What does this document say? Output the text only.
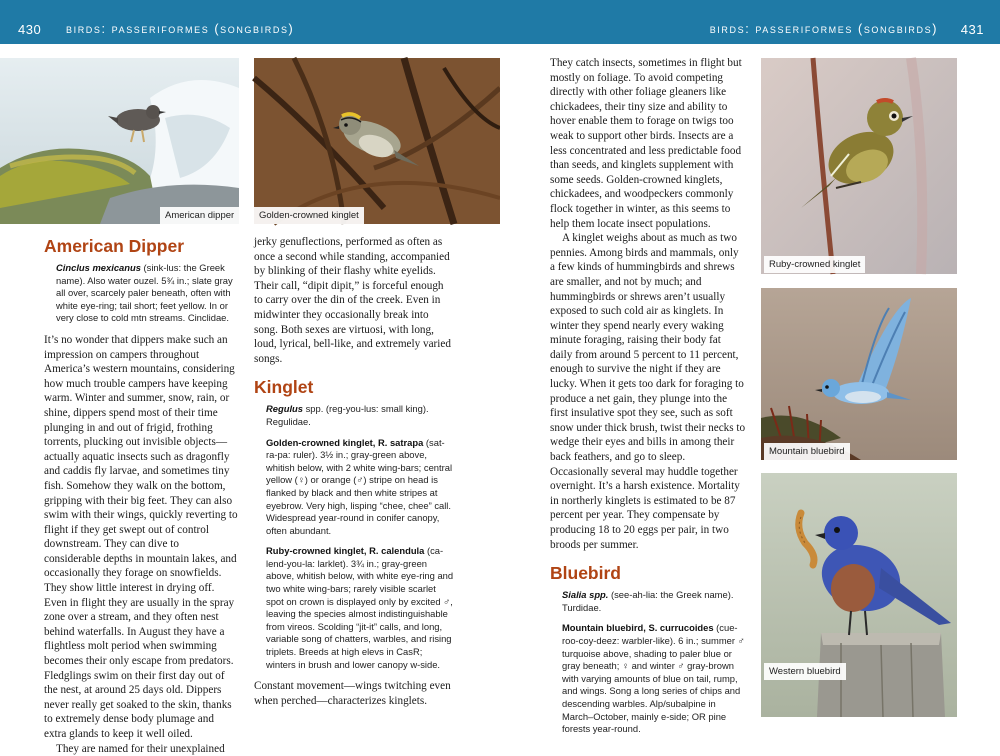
430 birds: passeriformes (songbirds)
American dipper	Golden-crowned kinglet
American Dipper
Cinclus mexicanus (sink-lus: the Greek name). Also water ouzel. 5¾ in.; slate gray all over, scarcely paler beneath, often with white eye-ring; tail short; feet yellow. In or very close to cold mtn streams. Cinclidae.

It’s no wonder that dippers make such an impression on campers throughout America’s western mountains, considering how much trouble campers have keeping warm. Winter and summer, snow, rain, or shine, dippers spend most of their time plunging in and out of frigid, frothing torrents, plucking out invisible objects—actually aquatic insects such as dragonfly and caddis fly larvae, and sometimes tiny fish. Somehow they walk on the bottom, gripping with their big feet. They can also swim with their wings, quickly reverting to flight if they get swept out of control downstream. They can dive to considerable depths in mountain lakes, and occasionally they forage on snowfields. They show little interest in drying off. Even in flight they are usually in the spray zone over a stream, and they often nest behind waterfalls. In August they have a flightless molt period when swimming becomes their only escape from predators. Fledglings swim on their first day out of the nest, at around 25 days old. Dippers never really get soaked to the skin, thanks to extremely dense body plumage and extra glands to keep it well oiled.

They are named for their unexplained

jerky genuflections, performed as often as once a second while standing, accompanied by blinking of their flashy white eyelids. Their call, “dipit dipit,” is forceful enough to carry over the din of the creek. Even in midwinter they occasionally break into song. Both sexes are virtuosi, with long, loud, lyrical, bell-like, and extremely varied songs.

Kinglet
Regulus spp. (reg-you-lus: small king). Regulidae.
Golden-crowned kinglet, R. satrapa (sat-ra-pa: ruler). 3½ in.; gray-green above, whitish below, with 2 white wing-bars; central yellow (♀) or orange (♂) stripe on head is flanked by black and then white stripes at eyebrow. Very high, lisping “chee, chee” call. Widespread year-round in conifer canopy, often abundant.
Ruby-crowned kinglet, R. calendula (ca-lend-you-la: larklet). 3¾ in.; gray-green above, whitish below, with white eye-ring and two white wing-bars; rarely visible scarlet spot on crown is displayed only by excited ♂, leaving the species almost indistinguishable from vireos. Scolding “jit-it” calls, and long, variable song of chatters, warbles, and rising triplets. Breeds at high elevs in CasR; winters in brush and lower canopy w-side.

Constant movement—wings twitching even when perched—characterizes kinglets.

birds: passeriformes (songbirds) 431

They catch insects, sometimes in flight but mostly on foliage. To avoid competing directly with other foliage gleaners like chickadees, their tiny size and ability to hover enable them to forage on twigs too weak to support other birds. Insects are a less concentrated and less predictable food than seeds, and kinglets supplement with some seeds. Golden-crowned kinglets, chickadees, and woodpeckers commonly flock together in winter, as this seems to help them locate insect populations.

A kinglet weighs about as much as two pennies. Among birds and mammals, only a few kinds of hummingbirds and shrews are smaller, and not by much; and hummingbirds or shrews aren’t usually exposed to such cold air as kinglets. In winter they spend nearly every waking minute foraging, raising their body fat daily from around 5 percent to 11 percent, enough to survive the night if they are lucky. When it gets too dark for foraging to produce a net gain, they plunge into the first insulative spot they see, such as soft snow under thick brush, twist their necks to wedge their eyes and bills in among their back feathers, and go to sleep. Occasionally several may huddle together overnight. It’s a harsh existence. Mortality in northerly kinglets is estimated to be 87 percent per year. They compensate by producing 18 to 20 eggs per pair, in two broods per summer.

Bluebird
Sialia spp. (see-ah-lia: the Greek name). Turdidae.
Mountain bluebird, S. currucoides (cue-roo-coy-deez: warbler-like). 6 in.; summer ♂ turquoise above, shading to paler blue or gray beneath; ♀ and winter ♂ gray-brown with varying amounts of blue on tail, rump, and wings. Song a long series of chips and descending warbles. Alp/subalpine in March–October, mainly e-side; OR pine forests year-round.
Ruby-crowned kinglet
Mountain bluebird
Western bluebird
